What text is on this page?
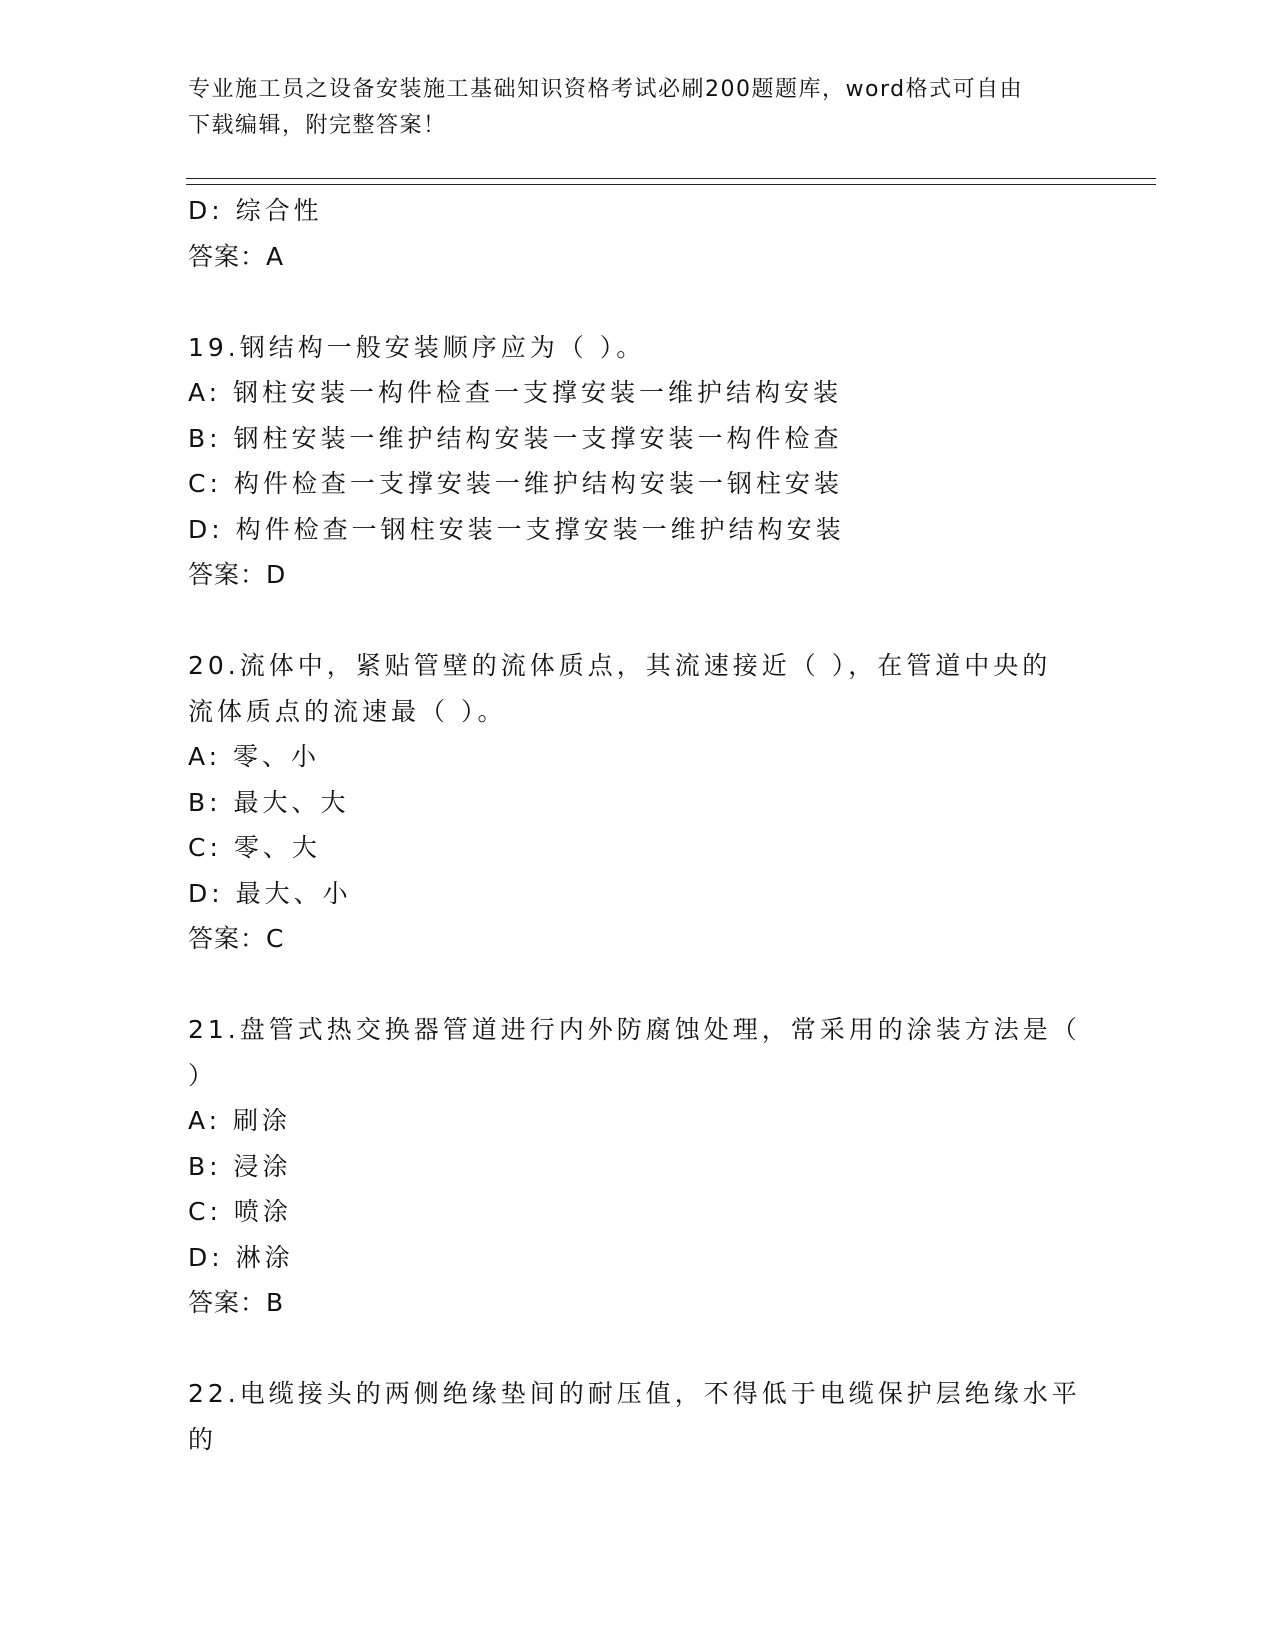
专业施工员之设备安装施工基础知识资格考试必刷200题题库，word格式可自由
下载编辑，附完整答案！
D: 综合性
答案：A
19.钢结构一般安装顺序应为（ ）。
A: 钢柱安装一构件检查一支撑安装一维护结构安装
B: 钢柱安装一维护结构安装一支撑安装一构件检查
C: 构件检查一支撑安装一维护结构安装一钢柱安装
D: 构件检查一钢柱安装一支撑安装一维护结构安装
答案：D
20.流体中，紧贴管壁的流体质点，其流速接近（ ），在管道中央的
流体质点的流速最（ ）。
A: 零、小
B: 最大、大
C: 零、大
D: 最大、小
答案：C
21.盘管式热交换器管道进行内外防腐蚀处理，常采用的涂装方法是（
）
A: 刷涂
B: 浸涂
C: 喷涂
D: 淋涂
答案：B
22.电缆接头的两侧绝缘垫间的耐压值，不得低于电缆保护层绝缘水平
的
